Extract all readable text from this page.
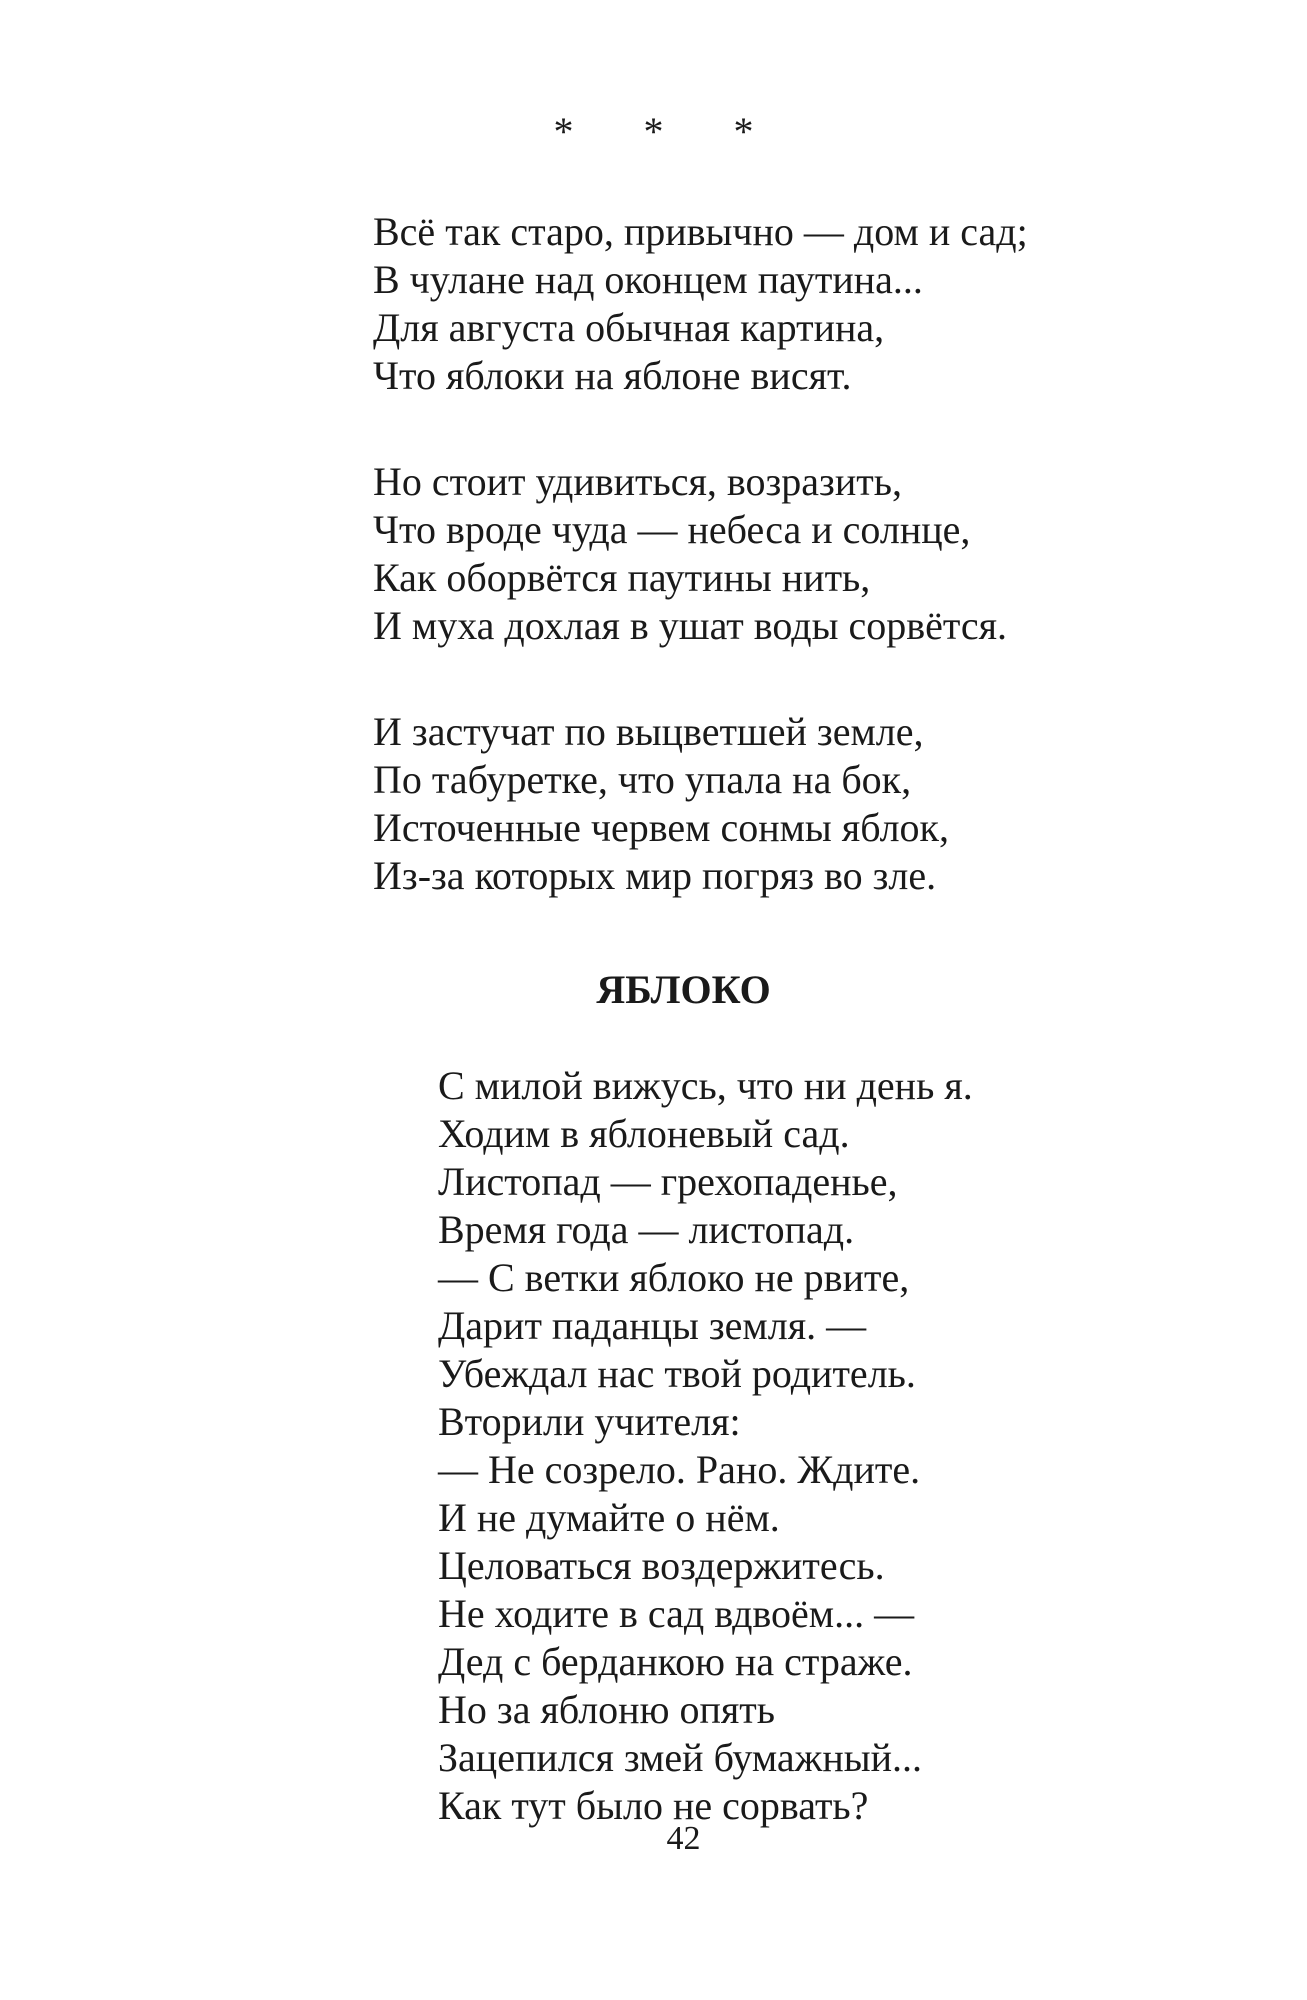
* * *
Всё так старо, привычно — дом и сад;
В чулане над оконцем паутина...
Для августа обычная картина,
Что яблоки на яблоне висят.
Но стоит удивиться, возразить,
Что вроде чуда — небеса и солнце,
Как оборвётся паутины нить,
И муха дохлая в ушат воды сорвётся.
И застучат по выцветшей земле,
По табуретке, что упала на бок,
Источенные червем сонмы яблок,
Из-за которых мир погряз во зле.
ЯБЛОКО
С милой вижусь, что ни день я.
Ходим в яблоневый сад.
Листопад — грехопаденье,
Время года — листопад.
— С ветки яблоко не рвите,
Дарит паданцы земля. —
Убеждал нас твой родитель.
Вторили учителя:
— Не созрело. Рано. Ждите.
И не думайте о нём.
Целоваться воздержитесь.
Не ходите в сад вдвоём... —
Дед с берданкою на страже.
Но за яблоню опять
Зацепился змей бумажный...
Как тут было не сорвать?
42
